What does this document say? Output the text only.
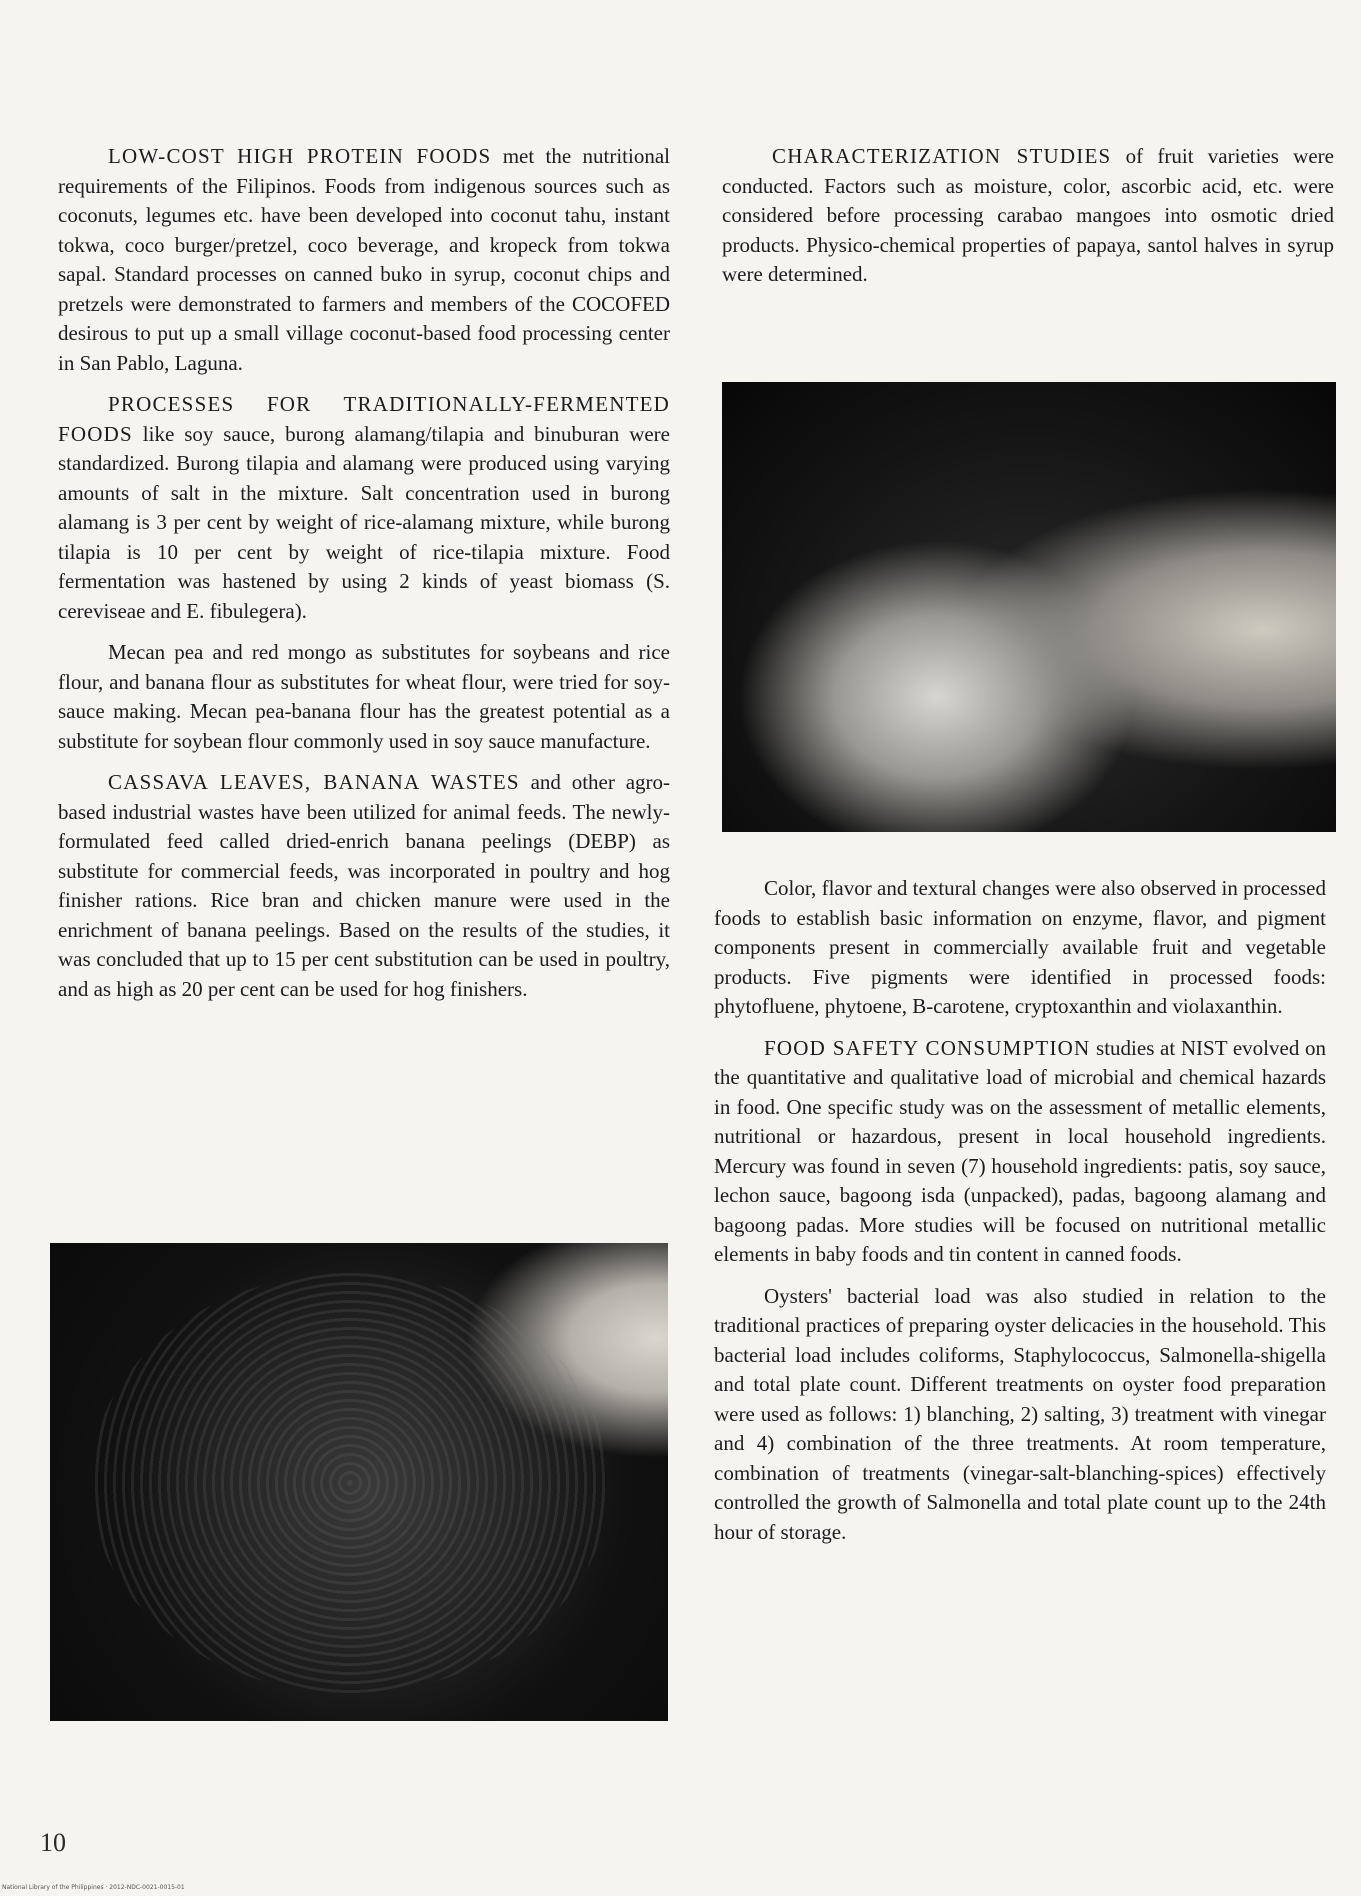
LOW-COST HIGH PROTEIN FOODS met the nutritional requirements of the Filipinos. Foods from indigenous sources such as coconuts, legumes etc. have been developed into coconut tahu, instant tokwa, coco burger/pretzel, coco beverage, and kropeck from tokwa sapal. Standard processes on canned buko in syrup, coconut chips and pretzels were demonstrated to farmers and members of the COCOFED desirous to put up a small village coconut-based food processing center in San Pablo, Laguna.

PROCESSES FOR TRADITIONALLY-FERMENTED FOODS like soy sauce, burong alamang/tilapia and binuburan were standardized. Burong tilapia and alamang were produced using varying amounts of salt in the mixture. Salt concentration used in burong alamang is 3 per cent by weight of rice-alamang mixture, while burong tilapia is 10 per cent by weight of rice-tilapia mixture. Food fermentation was hastened by using 2 kinds of yeast biomass (S. cereviseae and E. fibulegera).

Mecan pea and red mongo as substitutes for soybeans and rice flour, and banana flour as substitutes for wheat flour, were tried for soy-sauce making. Mecan pea-banana flour has the greatest potential as a substitute for soybean flour commonly used in soy sauce manufacture.

CASSAVA LEAVES, BANANA WASTES and other agro-based industrial wastes have been utilized for animal feeds. The newly-formulated feed called dried-enrich banana peelings (DEBP) as substitute for commercial feeds, was incorporated in poultry and hog finisher rations. Rice bran and chicken manure were used in the enrichment of banana peelings. Based on the results of the studies, it was concluded that up to 15 per cent substitution can be used in poultry, and as high as 20 per cent can be used for hog finishers.

CHARACTERIZATION STUDIES of fruit varieties were conducted. Factors such as moisture, color, ascorbic acid, etc. were considered before processing carabao mangoes into osmotic dried products. Physico-chemical properties of papaya, santol halves in syrup were determined.

Color, flavor and textural changes were also observed in processed foods to establish basic information on enzyme, flavor, and pigment components present in commercially available fruit and vegetable products. Five pigments were identified in processed foods: phytofluene, phytoene, B-carotene, cryptoxanthin and violaxanthin.

FOOD SAFETY CONSUMPTION studies at NIST evolved on the quantitative and qualitative load of microbial and chemical hazards in food. One specific study was on the assessment of metallic elements, nutritional or hazardous, present in local household ingredients. Mercury was found in seven (7) household ingredients: patis, soy sauce, lechon sauce, bagoong isda (unpacked), padas, bagoong alamang and bagoong padas. More studies will be focused on nutritional metallic elements in baby foods and tin content in canned foods.

Oysters' bacterial load was also studied in relation to the traditional practices of preparing oyster delicacies in the household. This bacterial load includes coliforms, Staphylococcus, Salmonella-shigella and total plate count. Different treatments on oyster food preparation were used as follows: 1) blanching, 2) salting, 3) treatment with vinegar and 4) combination of the three treatments. At room temperature, combination of treatments (vinegar-salt-blanching-spices) effectively controlled the growth of Salmonella and total plate count up to the 24th hour of storage.

10
National Library of the Philippines · 2012-NDC-0021-0015-01
